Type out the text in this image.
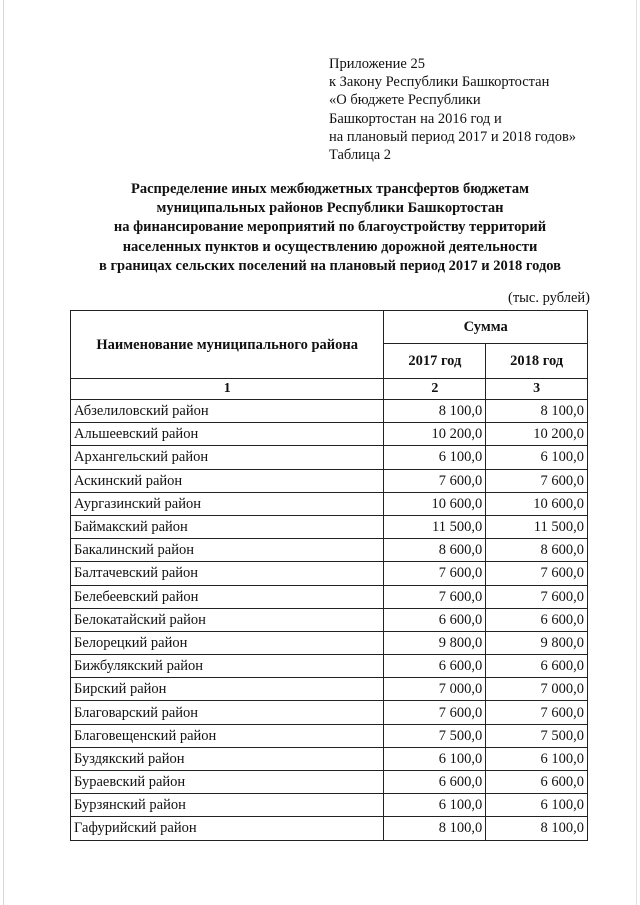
Приложение 25
к Закону Республики Башкортостан
«О бюджете Республики
Башкортостан на 2016 год и
на плановый период 2017 и 2018 годов»
Таблица 2
Распределение иных межбюджетных трансфертов бюджетам
муниципальных районов Республики Башкортостан
на финансирование мероприятий по благоустройству территорий
населенных пунктов и осуществлению дорожной деятельности
в границах сельских поселений на плановый период 2017 и 2018 годов
(тыс. рублей)
Наименование муниципального района	Сумма	
	2017 год	2018 год
1	2	3
Абзелиловский район	8 100,0	8 100,0
Альшеевский район	10 200,0	10 200,0
Архангельский район	6 100,0	6 100,0
Аскинский район	7 600,0	7 600,0
Аургазинский район	10 600,0	10 600,0
Баймакский район	11 500,0	11 500,0
Бакалинский район	8 600,0	8 600,0
Балтачевский район	7 600,0	7 600,0
Белебеевский район	7 600,0	7 600,0
Белокатайский район	6 600,0	6 600,0
Белорецкий район	9 800,0	9 800,0
Бижбулякский район	6 600,0	6 600,0
Бирский район	7 000,0	7 000,0
Благоварский район	7 600,0	7 600,0
Благовещенский район	7 500,0	7 500,0
Буздякский район	6 100,0	6 100,0
Бураевский район	6 600,0	6 600,0
Бурзянский район	6 100,0	6 100,0
Гафурийский район	8 100,0	8 100,0
